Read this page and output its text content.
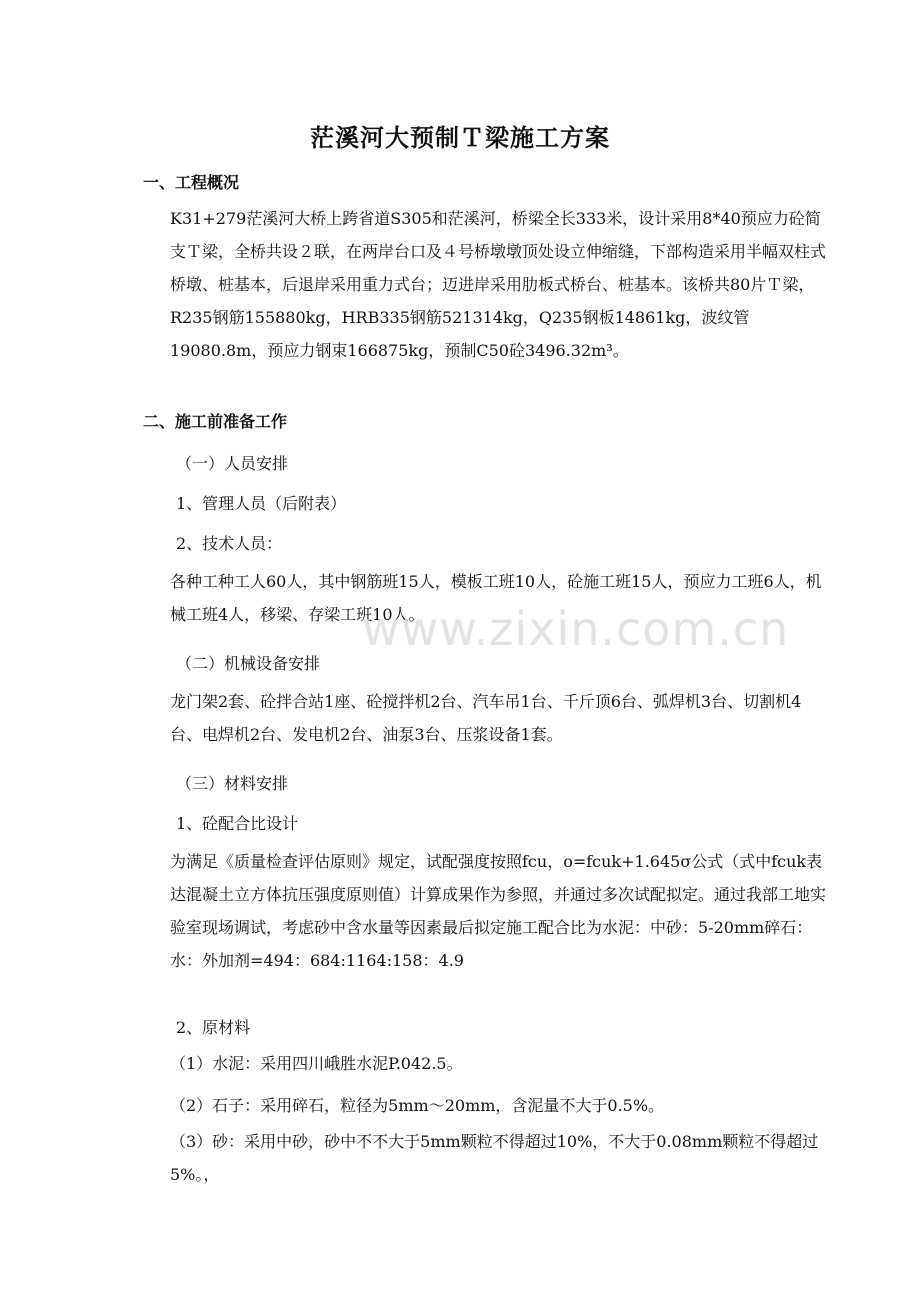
茫溪河大预制Ｔ梁施工方案
一、工程概况

K31+279茫溪河大桥上跨省道S305和茫溪河，桥梁全长333米，设计采用8*40预应力砼简支Ｔ梁，全桥共设２联，在两岸台口及４号桥墩墩顶处设立伸缩缝，下部构造采用半幅双柱式桥墩、桩基本，后退岸采用重力式台；迈进岸采用肋板式桥台、桩基本。该桥共80片Ｔ梁，R235钢筋155880kg，HRB335钢筋521314kg，Q235钢板14861kg，波纹管19080.8m，预应力钢束166875kg，预制C50砼3496.32m³。

二、施工前准备工作
（一）人员安排
1、管理人员（后附表）
2、技术人员：

各种工种工人60人，其中钢筋班15人，模板工班10人，砼施工班15人，预应力工班6人，机械工班4人，移梁、存梁工班10人。

（二）机械设备安排

龙门架2套、砼拌合站1座、砼搅拌机2台、汽车吊1台、千斤顶6台、弧焊机3台、切割机4台、电焊机2台、发电机2台、油泵3台、压浆设备1套。

（三）材料安排
1、砼配合比设计

为满足《质量检查评估原则》规定，试配强度按照fcu，o=fcuk+1.645σ公式（式中fcuk表达混凝土立方体抗压强度原则值）计算成果作为参照，并通过多次试配拟定。通过我部工地实验室现场调试，考虑砂中含水量等因素最后拟定施工配合比为水泥：中砂：5-20mm碎石：水：外加剂=494：684:1164:158：4.9

2、原材料
（1）水泥：采用四川峨胜水泥P.042.5。
（2）石子：采用碎石，粒径为5mm～20mm，含泥量不大于0.5%。

（3）砂：采用中砂，砂中不不大于5mm颗粒不得超过10%，不大于0.08mm颗粒不得超过5%。，

www.zixin.com.cn
